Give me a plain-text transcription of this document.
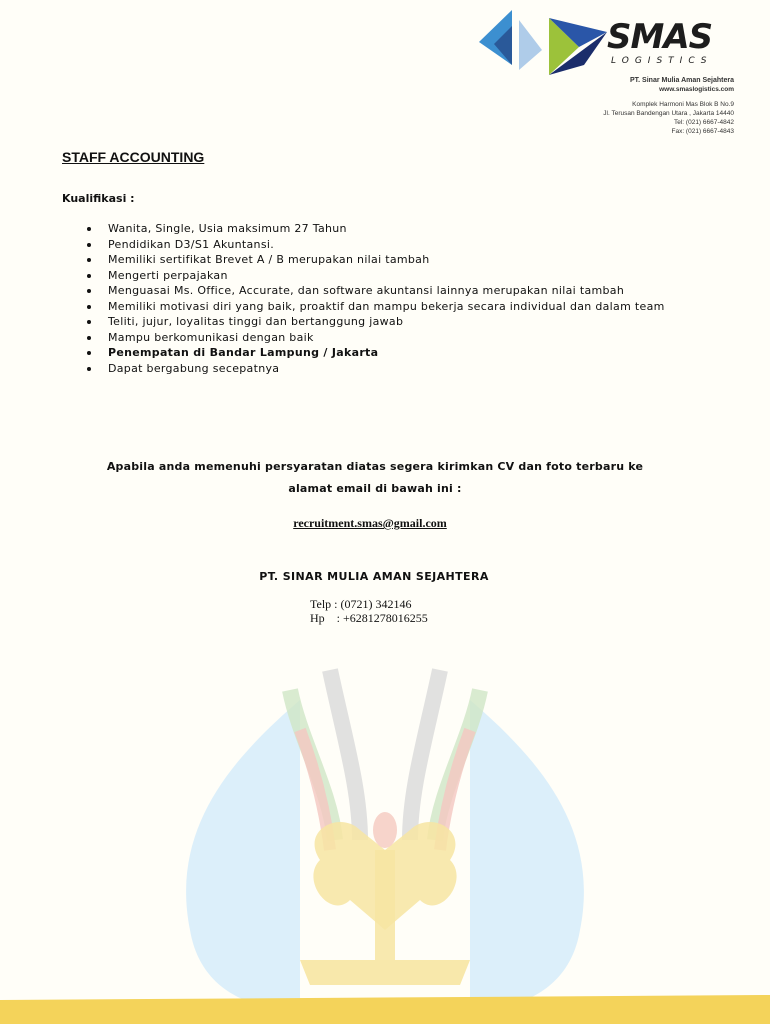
SMAS
LOGISTICS
PT. Sinar Mulia Aman Sejahtera
www.smaslogistics.com
Komplek Harmoni Mas Blok B No.9
Jl. Terusan Bandengan Utara , Jakarta 14440
Tel: (021) 6667-4842
Fax: (021) 6667-4843
STAFF ACCOUNTING
Kualifikasi :
Wanita, Single, Usia maksimum 27 Tahun
Pendidikan D3/S1 Akuntansi.
Memiliki sertifikat Brevet A / B merupakan nilai tambah
Mengerti perpajakan
Menguasai Ms. Office, Accurate, dan software akuntansi lainnya merupakan nilai tambah
Memiliki motivasi diri yang baik, proaktif dan mampu bekerja secara individual dan dalam team
Teliti, jujur, loyalitas tinggi dan bertanggung jawab
Mampu berkomunikasi dengan baik
Penempatan di Bandar Lampung / Jakarta
Dapat bergabung secepatnya
Apabila anda memenuhi persyaratan diatas segera kirimkan CV dan foto terbaru ke
alamat email di bawah ini :
recruitment.smas@gmail.com
PT. SINAR MULIA AMAN SEJAHTERA
Telp : (0721) 342146
Hp    : +6281278016255
